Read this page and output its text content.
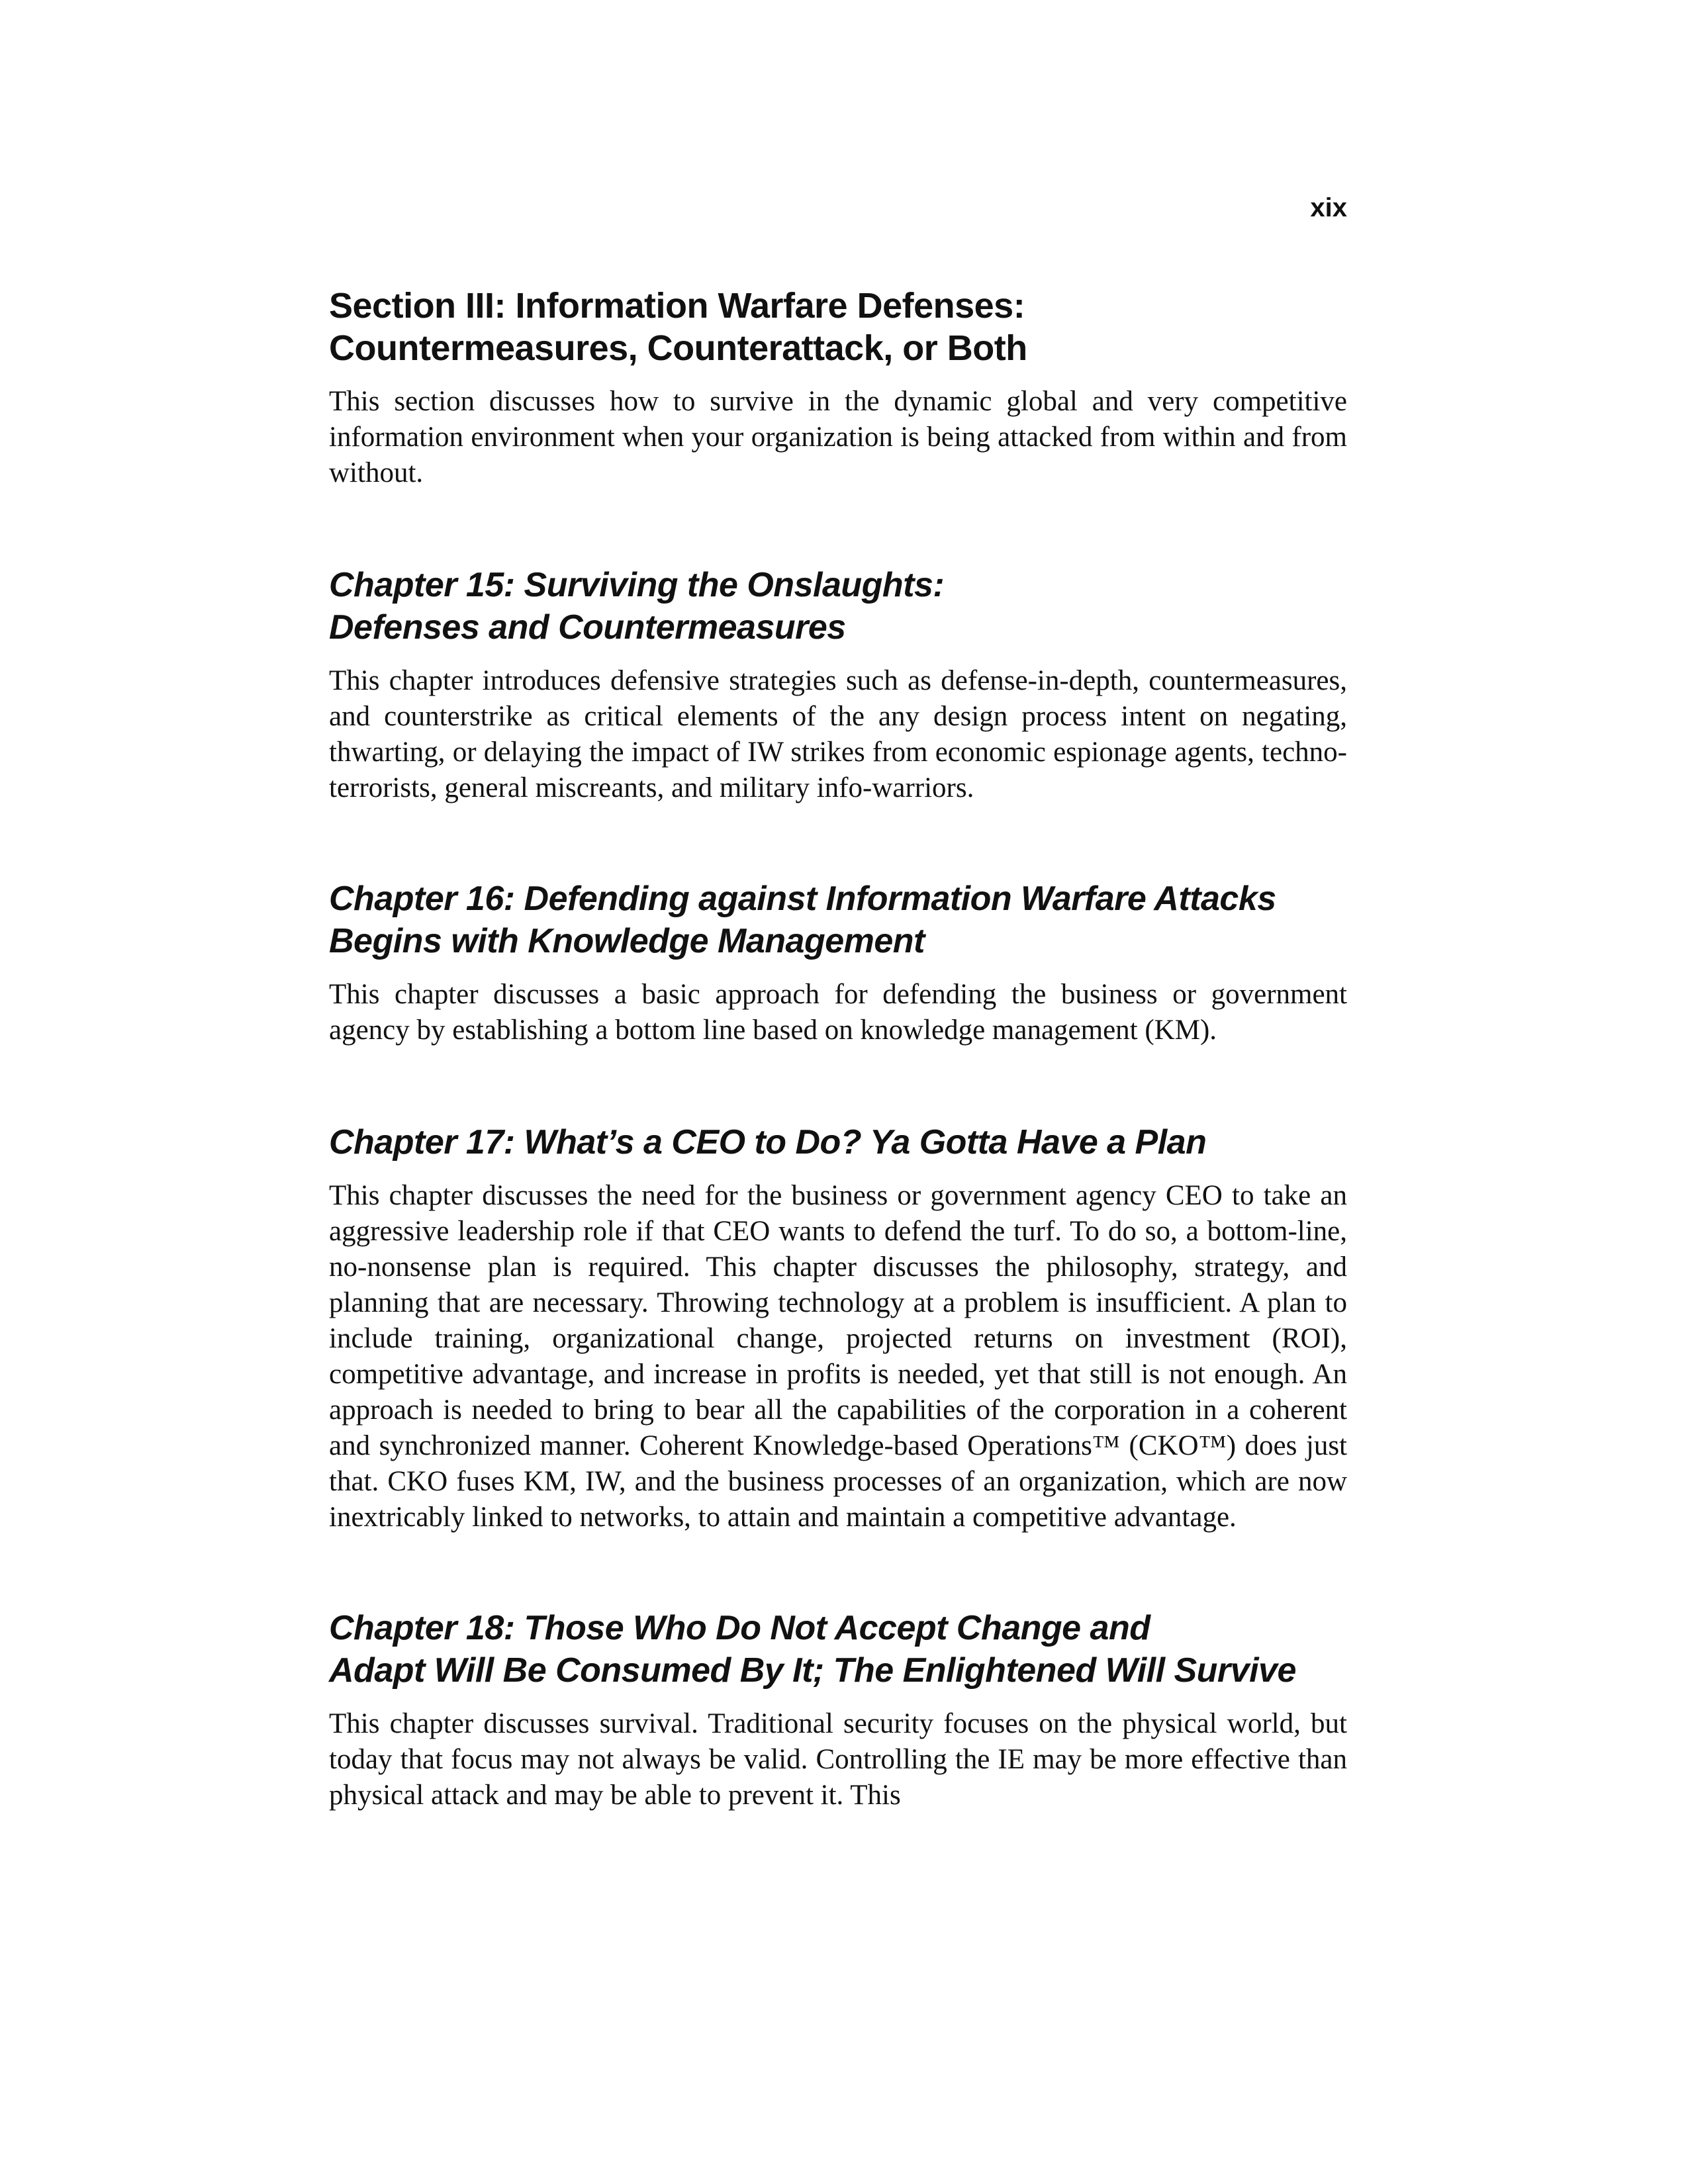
xix
Section III: Information Warfare Defenses:
Countermeasures, Counterattack, or Both

This section discusses how to survive in the dynamic global and very competitive information environment when your organization is being attacked from within and from without.

Chapter 15: Surviving the Onslaughts:
Defenses and Countermeasures

This chapter introduces defensive strategies such as defense-in-depth, countermeasures, and counterstrike as critical elements of the any design process intent on negating, thwarting, or delaying the impact of IW strikes from economic espionage agents, techno-terrorists, general miscreants, and military info-warriors.

Chapter 16: Defending against Information Warfare Attacks
Begins with Knowledge Management

This chapter discusses a basic approach for defending the business or government agency by establishing a bottom line based on knowledge management (KM).

Chapter 17: What’s a CEO to Do? Ya Gotta Have a Plan

This chapter discusses the need for the business or government agency CEO to take an aggressive leadership role if that CEO wants to defend the turf. To do so, a bottom-line, no-nonsense plan is required. This chapter discusses the philosophy, strategy, and planning that are necessary. Throwing technology at a problem is insufficient. A plan to include training, organizational change, projected returns on investment (ROI), competitive advantage, and increase in profits is needed, yet that still is not enough. An approach is needed to bring to bear all the capabilities of the corporation in a coherent and synchronized manner. Coherent Knowledge-based Operations™ (CKO™) does just that. CKO fuses KM, IW, and the business processes of an organization, which are now inextricably linked to networks, to attain and maintain a competitive advantage.

Chapter 18: Those Who Do Not Accept Change and
Adapt Will Be Consumed By It; The Enlightened Will Survive

This chapter discusses survival. Traditional security focuses on the physical world, but today that focus may not always be valid. Controlling the IE may be more effective than physical attack and may be able to prevent it. This
